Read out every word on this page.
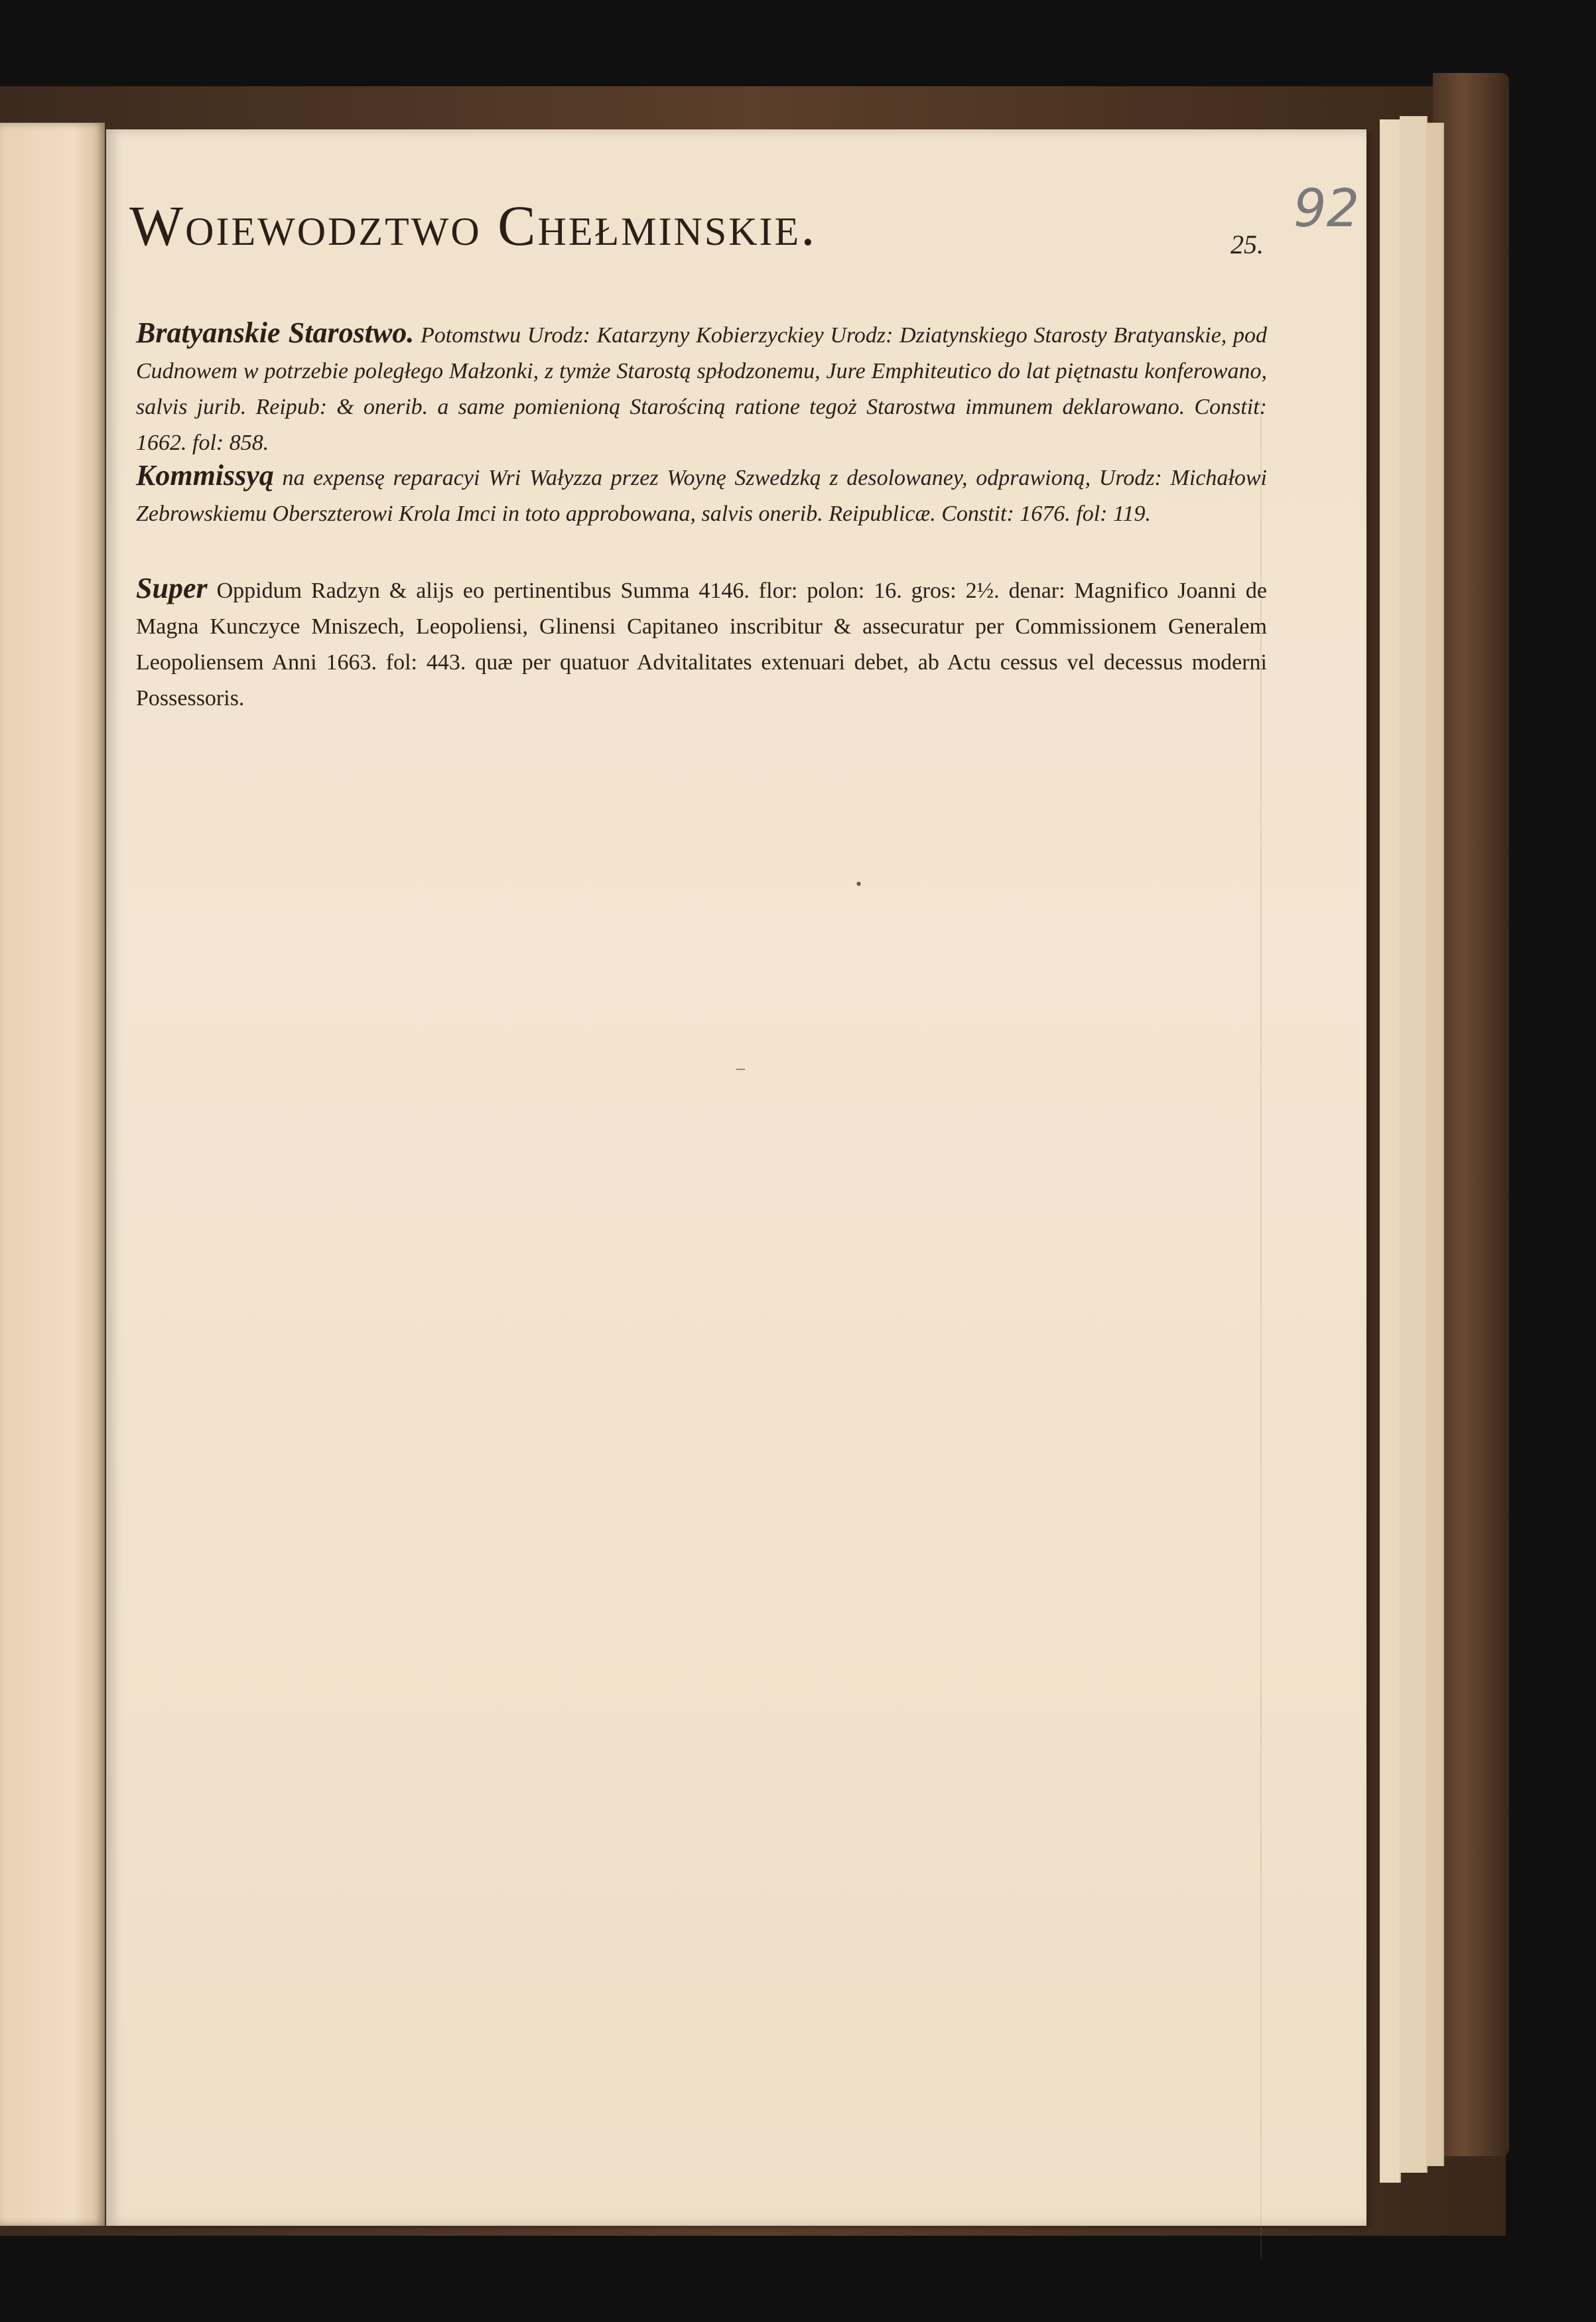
Woiewodztwo Chełminskie.	25.
92
Bratyanskie Starostwo. Potomstwu Urodz: Katarzyny Kobierzyckiey Urodz: Dziatynskiego Starosty Bratyanskie, pod Cudnowem w potrzebie poległego Małzonki, z tymże Starostą spłodzonemu, Jure Emphiteutico do lat piętnastu konferowano, salvis jurib. Reipub: & onerib. a same pomienioną Starościną ratione tegoż Starostwa immunem deklarowano. Constit: 1662. fol: 858.
Kommissyą na expensę reparacyi Wri Wałyzza przez Woynę Szwedzką z desolowaney, odprawioną, Urodz: Michałowi Zebrowskiemu Oberszterowi Krola Imci in toto approbowana, salvis onerib. Reipublicæ. Constit: 1676. fol: 119.
Super Oppidum Radzyn & alijs eo pertinentibus Summa 4146. flor: polon: 16. gros: 2½. denar: Magnifico Joanni de Magna Kunczyce Mniszech, Leopoliensi, Glinensi Capitaneo inscribitur & assecuratur per Commissionem Generalem Leopoliensem Anni 1663. fol: 443. quæ per quatuor Advitalitates extenuari debet, ab Actu cessus vel decessus moderni Possessoris.
•
–
